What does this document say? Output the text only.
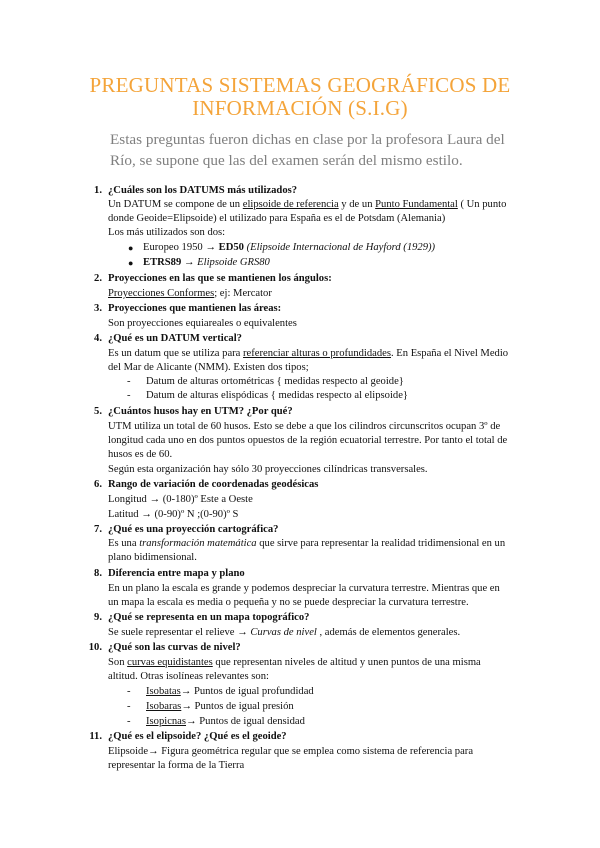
PREGUNTAS SISTEMAS GEOGRÁFICOS DE INFORMACIÓN (S.I.G)
Estas preguntas fueron dichas en clase por la profesora Laura del Río, se supone que las del examen serán del mismo estilo.
1. ¿Cuáles son los DATUMS más utilizados?
Un DATUM se compone de un elipsoide de referencia y de un Punto Fundamental ( Un punto
donde Geoide=Elipsoide) el utilizado para España es el de Potsdam (Alemania)
Los más utilizados son dos:
● Europeo 1950 → ED50 (Elipsoide Internacional de Hayford (1929))
● ETRS89 → Elipsoide GRS80
2. Proyecciones en las que se mantienen los ángulos:
Proyecciones Conformes; ej: Mercator
3. Proyecciones que mantienen las áreas:
Son proyecciones equiareales o equivalentes
4. ¿Qué es un DATUM vertical?
Es un datum que se utiliza para referenciar alturas o profundidades. En España el Nivel Medio
del Mar de Alicante (NMM). Existen dos tipos;
- Datum de alturas ortométricas { medidas respecto al geoide}
- Datum de alturas elispódicas { medidas respecto al elipsoide}
5. ¿Cuántos husos hay en UTM? ¿Por qué?
UTM utiliza un total de 60 husos. Esto se debe a que los cilindros circunscritos ocupan 3º de
longitud cada uno en dos puntos opuestos de la región ecuatorial terrestre. Por tanto el total de
husos es de 60.
Según esta organización hay sólo 30 proyecciones cilíndricas transversales.
6. Rango de variación de coordenadas geodésicas
Longitud → (0-180)º Este a Oeste
Latitud → (0-90)º N ;(0-90)º S
7. ¿Qué es una proyección cartográfica?
Es una transformación matemática que sirve para representar la realidad tridimensional en un
plano bidimensional.
8. Diferencia entre mapa y plano
En un plano la escala es grande y podemos despreciar la curvatura terrestre. Mientras que en
un mapa la escala es media o pequeña y no se puede despreciar la curvatura terrestre.
9. ¿Qué se representa en un mapa topográfico?
Se suele representar el relieve → Curvas de nivel , además de elementos generales.
10. ¿Qué son las curvas de nivel?
Son curvas equidistantes que representan niveles de altitud y unen puntos de una misma
altitud. Otras isolíneas relevantes son:
- Isobatas→ Puntos de igual profundidad
- Isobaras→ Puntos de igual presión
- Isopicnas→ Puntos de igual densidad
11. ¿Qué es el elipsoide? ¿Qué es el geoide?
Elipsoide→ Figura geométrica regular que se emplea como sistema de referencia para
representar la forma de la Tierra
